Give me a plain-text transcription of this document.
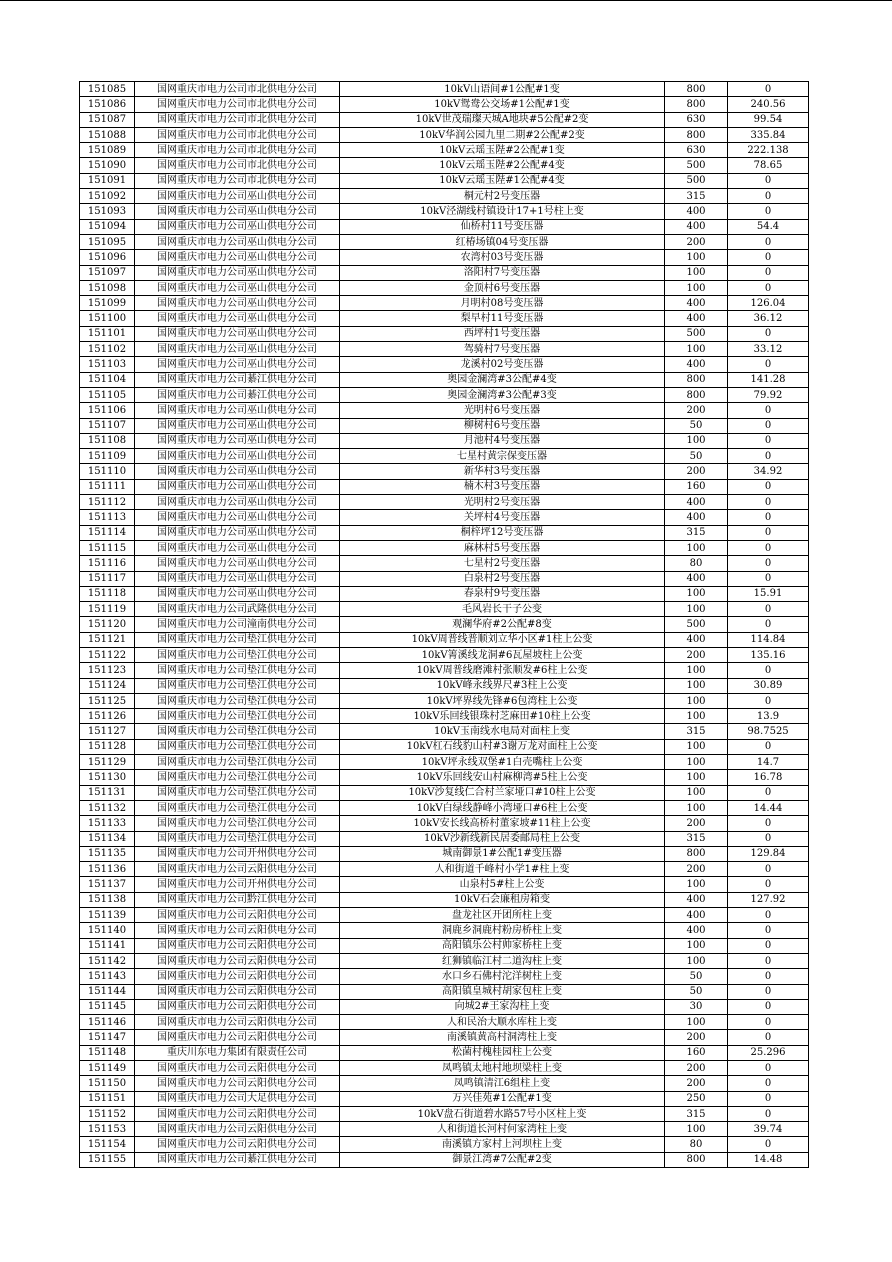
151085	国网重庆市电力公司市北供电分公司	10kV山语间#1公配#1变	800	0
151086	国网重庆市电力公司市北供电分公司	10kV鸳鸯公交场#1公配#1变	800	240.56
151087	国网重庆市电力公司市北供电分公司	10kV世茂瑞璨天城A地块#5公配#2变	630	99.54
151088	国网重庆市电力公司市北供电分公司	10kV华润公园九里二期#2公配#2变	800	335.84
151089	国网重庆市电力公司市北供电分公司	10kV云瑶玉陛#2公配#1变	630	222.138
151090	国网重庆市电力公司市北供电分公司	10kV云瑶玉陛#2公配#4变	500	78.65
151091	国网重庆市电力公司市北供电分公司	10kV云瑶玉陛#1公配#4变	500	0
151092	国网重庆市电力公司巫山供电分公司	桐元村2号变压器	315	0
151093	国网重庆市电力公司巫山供电分公司	10kV泾湖线村镇设计17+1号柱上变	400	0
151094	国网重庆市电力公司巫山供电分公司	仙桥村11号变压器	400	54.4
151095	国网重庆市电力公司巫山供电分公司	红椿场镇04号变压器	200	0
151096	国网重庆市电力公司巫山供电分公司	农湾村03号变压器	100	0
151097	国网重庆市电力公司巫山供电分公司	洛阳村7号变压器	100	0
151098	国网重庆市电力公司巫山供电分公司	金顶村6号变压器	100	0
151099	国网重庆市电力公司巫山供电分公司	月明村08号变压器	400	126.04
151100	国网重庆市电力公司巫山供电分公司	梨早村11号变压器	400	36.12
151101	国网重庆市电力公司巫山供电分公司	西坪村1号变压器	500	0
151102	国网重庆市电力公司巫山供电分公司	驾骑村7号变压器	100	33.12
151103	国网重庆市电力公司巫山供电分公司	龙溪村02号变压器	400	0
151104	国网重庆市电力公司綦江供电分公司	奥园金澜湾#3公配#4变	800	141.28
151105	国网重庆市电力公司綦江供电分公司	奥园金澜湾#3公配#3变	800	79.92
151106	国网重庆市电力公司巫山供电分公司	光明村6号变压器	200	0
151107	国网重庆市电力公司巫山供电分公司	柳树村6号变压器	50	0
151108	国网重庆市电力公司巫山供电分公司	月池村4号变压器	100	0
151109	国网重庆市电力公司巫山供电分公司	七星村黄宗保变压器	50	0
151110	国网重庆市电力公司巫山供电分公司	新华村3号变压器	200	34.92
151111	国网重庆市电力公司巫山供电分公司	楠木村3号变压器	160	0
151112	国网重庆市电力公司巫山供电分公司	光明村2号变压器	400	0
151113	国网重庆市电力公司巫山供电分公司	关坪村4号变压器	400	0
151114	国网重庆市电力公司巫山供电分公司	桐梓坪12号变压器	315	0
151115	国网重庆市电力公司巫山供电分公司	麻林村5号变压器	100	0
151116	国网重庆市电力公司巫山供电分公司	七星村2号变压器	80	0
151117	国网重庆市电力公司巫山供电分公司	白泉村2号变压器	400	0
151118	国网重庆市电力公司巫山供电分公司	春泉村9号变压器	100	15.91
151119	国网重庆市电力公司武隆供电分公司	毛风岩长干子公变	100	0
151120	国网重庆市电力公司潼南供电分公司	观澜华府#2公配#8变	500	0
151121	国网重庆市电力公司垫江供电分公司	10kV周普线普顺刘立华小区#1柱上公变	400	114.84
151122	国网重庆市电力公司垫江供电分公司	10kV箐溪线龙洞#6瓦屋坡柱上公变	200	135.16
151123	国网重庆市电力公司垫江供电分公司	10kV周普线磨滩村张顺发#6柱上公变	100	0
151124	国网重庆市电力公司垫江供电分公司	10kV峰永线界尺#3柱上公变	100	30.89
151125	国网重庆市电力公司垫江供电分公司	10kV坪界线先锋#6包湾柱上公变	100	0
151126	国网重庆市电力公司垫江供电分公司	10kV乐回线银珠村芝麻田#10柱上公变	100	13.9
151127	国网重庆市电力公司垫江供电分公司	10kV玉南线水电局对面柱上变	315	98.7525
151128	国网重庆市电力公司垫江供电分公司	10kV杠石线豹山村#3谢万龙对面柱上公变	100	0
151129	国网重庆市电力公司垫江供电分公司	10kV坪永线双堡#1白壳嘴柱上公变	100	14.7
151130	国网重庆市电力公司垫江供电分公司	10kV乐回线安山村麻柳湾#5柱上公变	100	16.78
151131	国网重庆市电力公司垫江供电分公司	10kV沙复线仁合村兰家垭口#10柱上公变	100	0
151132	国网重庆市电力公司垫江供电分公司	10kV白绿线静峰小湾垭口#6柱上公变	100	14.44
151133	国网重庆市电力公司垫江供电分公司	10kV安长线高桥村董家坡#11柱上公变	200	0
151134	国网重庆市电力公司垫江供电分公司	10kV沙新线新民居委邮局柱上公变	315	0
151135	国网重庆市电力公司开州供电分公司	城南御景1#公配1#变压器	800	129.84
151136	国网重庆市电力公司云阳供电分公司	人和街道千峰村小学1#柱上变	200	0
151137	国网重庆市电力公司开州供电分公司	山泉村5#柱上公变	100	0
151138	国网重庆市电力公司黔江供电分公司	10kV石会廉租房箱变	400	127.92
151139	国网重庆市电力公司云阳供电分公司	盘龙社区开团所柱上变	400	0
151140	国网重庆市电力公司云阳供电分公司	洞鹿乡洞鹿村粉房桥柱上变	400	0
151141	国网重庆市电力公司云阳供电分公司	高阳镇乐公村帅家桥柱上变	100	0
151142	国网重庆市电力公司云阳供电分公司	红狮镇临江村二道沟柱上变	100	0
151143	国网重庆市电力公司云阳供电分公司	水口乡石佛村沱洋树柱上变	50	0
151144	国网重庆市电力公司云阳供电分公司	高阳镇皇城村胡家包柱上变	50	0
151145	国网重庆市电力公司云阳供电分公司	向城2#王家沟柱上变	30	0
151146	国网重庆市电力公司云阳供电分公司	人和民治大顺水库柱上变	100	0
151147	国网重庆市电力公司云阳供电分公司	南溪镇黄高村洞湾柱上变	200	0
151148	重庆川东电力集团有限责任公司	松菌村槐桂园柱上公变	160	25.296
151149	国网重庆市电力公司云阳供电分公司	凤鸣镇太地村地坝梁柱上变	200	0
151150	国网重庆市电力公司云阳供电分公司	凤鸣镇清江6组柱上变	200	0
151151	国网重庆市电力公司大足供电分公司	万兴佳苑#1公配#1变	250	0
151152	国网重庆市电力公司云阳供电分公司	10kV盘石街道碧水路57号小区柱上变	315	0
151153	国网重庆市电力公司云阳供电分公司	人和街道长河村何家湾柱上变	100	39.74
151154	国网重庆市电力公司云阳供电分公司	南溪镇方家村上河坝柱上变	80	0
151155	国网重庆市电力公司綦江供电分公司	御景江湾#7公配#2变	800	14.48
